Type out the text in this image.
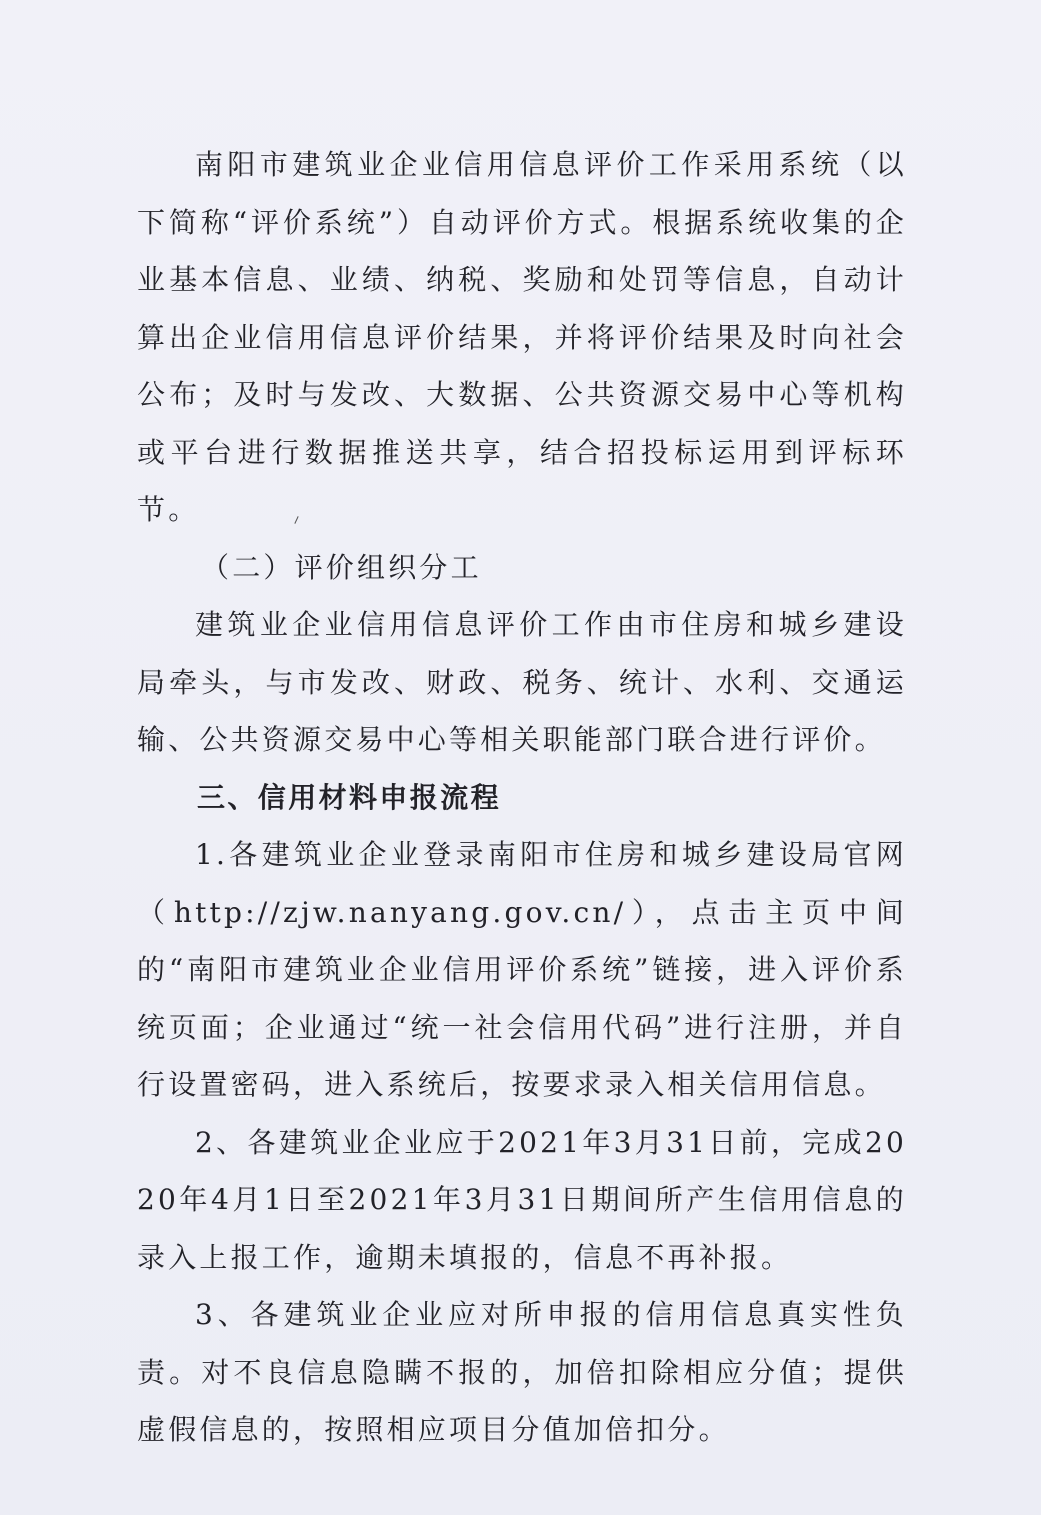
南阳市建筑业企业信用信息评价工作采用系统（以下简称“评价系统”）自动评价方式。根据系统收集的企业基本信息、业绩、纳税、奖励和处罚等信息，自动计算出企业信用信息评价结果，并将评价结果及时向社会公布；及时与发改、大数据、公共资源交易中心等机构或平台进行数据推送共享，结合招投标运用到评标环节。

（二）评价组织分工

建筑业企业信用信息评价工作由市住房和城乡建设局牵头，与市发改、财政、税务、统计、水利、交通运输、公共资源交易中心等相关职能部门联合进行评价。

三、信用材料申报流程

1.各建筑业企业登录南阳市住房和城乡建设局官网（http://zjw.nanyang.gov.cn/），点击主页中间的“南阳市建筑业企业信用评价系统”链接，进入评价系统页面；企业通过“统一社会信用代码”进行注册，并自行设置密码，进入系统后，按要求录入相关信用信息。

2、各建筑业企业应于2021年3月31日前，完成2020年4月1日至2021年3月31日期间所产生信用信息的录入上报工作，逾期未填报的，信息不再补报。

3、各建筑业企业应对所申报的信用信息真实性负责。对不良信息隐瞒不报的，加倍扣除相应分值；提供虚假信息的，按照相应项目分值加倍扣分。
